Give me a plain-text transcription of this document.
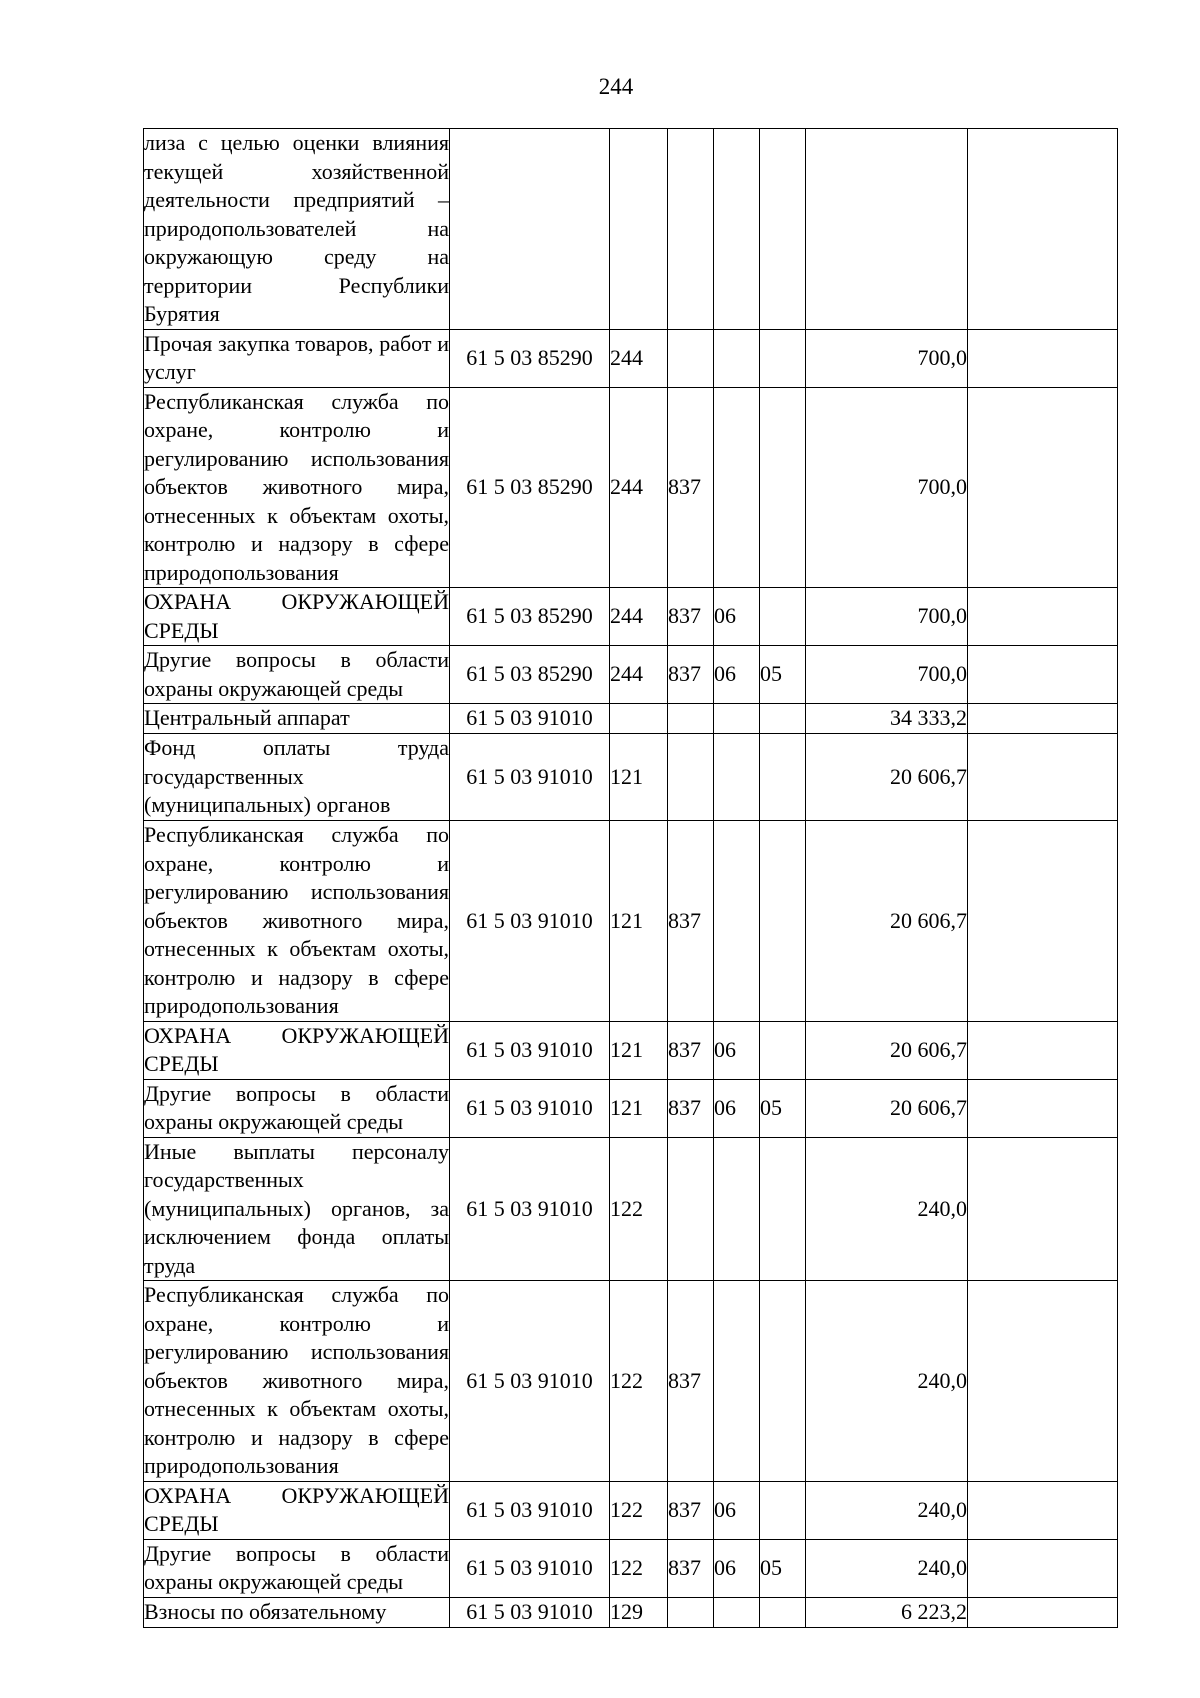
244
лиза с целью оценки влияния текущей хозяйственной деятельности предприятий – природопользователей на окружающую среду на территории Республики Бурятия							
Прочая закупка товаров, работ и услуг	61 5 03 85290	244				700,0	
Республиканская служба по охране, контролю и регулированию использования объектов животного мира, отнесенных к объектам охоты, контролю и надзору в сфере природопользования	61 5 03 85290	244	837			700,0	
ОХРАНА ОКРУЖАЮЩЕЙ СРЕДЫ	61 5 03 85290	244	837	06		700,0	
Другие вопросы в области охраны окружающей среды	61 5 03 85290	244	837	06	05	700,0	
Центральный аппарат	61 5 03 91010					34 333,2	
Фонд оплаты труда государственных (муниципальных) органов	61 5 03 91010	121				20 606,7	
Республиканская служба по охране, контролю и регулированию использования объектов животного мира, отнесенных к объектам охоты, контролю и надзору в сфере природопользования	61 5 03 91010	121	837			20 606,7	
ОХРАНА ОКРУЖАЮЩЕЙ СРЕДЫ	61 5 03 91010	121	837	06		20 606,7	
Другие вопросы в области охраны окружающей среды	61 5 03 91010	121	837	06	05	20 606,7	
Иные выплаты персоналу государственных (муниципальных) органов, за исключением фонда оплаты труда	61 5 03 91010	122				240,0	
Республиканская служба по охране, контролю и регулированию использования объектов животного мира, отнесенных к объектам охоты, контролю и надзору в сфере природопользования	61 5 03 91010	122	837			240,0	
ОХРАНА ОКРУЖАЮЩЕЙ СРЕДЫ	61 5 03 91010	122	837	06		240,0	
Другие вопросы в области охраны окружающей среды	61 5 03 91010	122	837	06	05	240,0	
Взносы по обязательному	61 5 03 91010	129				6 223,2	
